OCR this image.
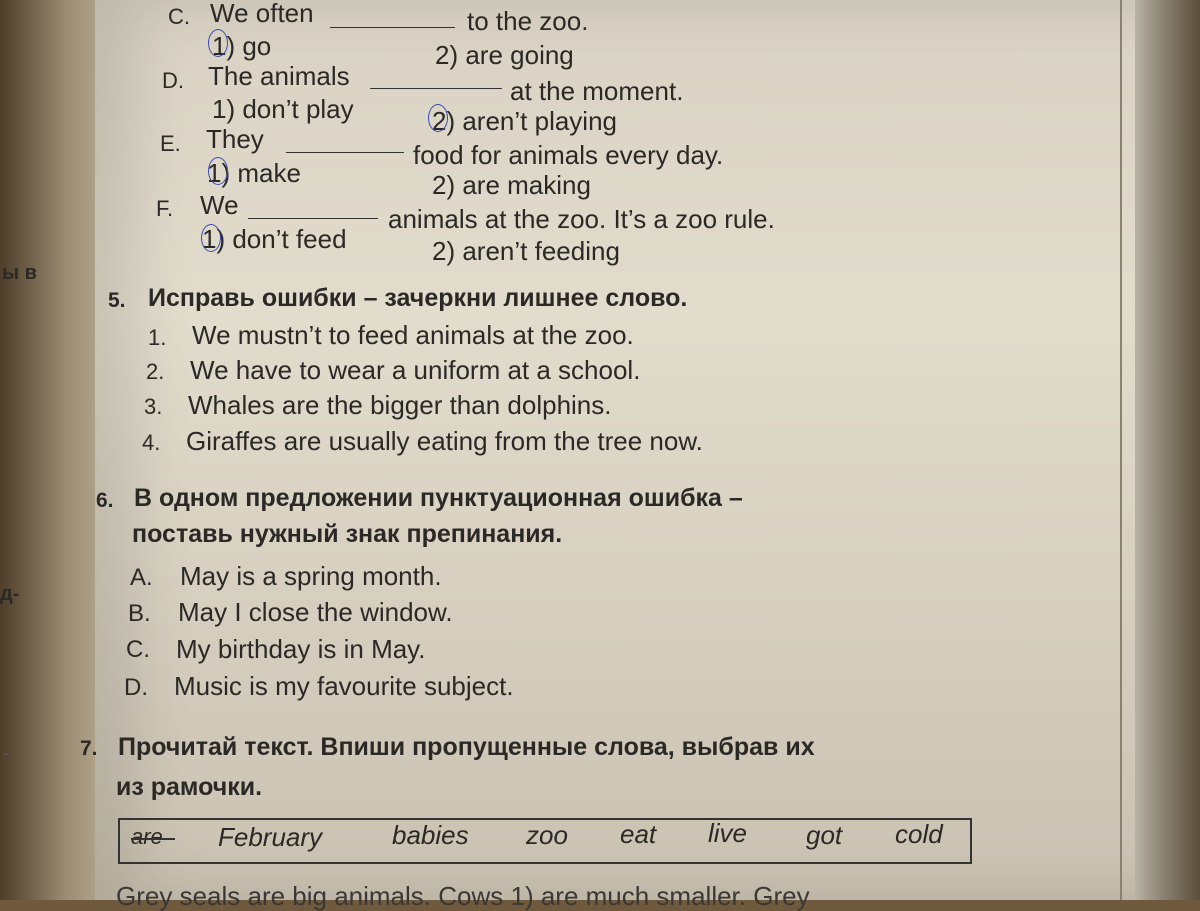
ы в
д-
C. We often	to the zoo.
1) go	2) are going
D. The animals	at the moment.
1) don’t play	2) aren’t playing
E. They
food for animals every day.
1) make	2) are making
F. We	animals at the zoo. It’s a zoo rule.
1) don’t feed	2) aren’t feeding
5. Исправь ошибки – зачеркни лишнее слово.
1. We mustn’t to feed animals at the zoo.
2. We have to wear a uniform at a school.
3. Whales are the bigger than dolphins.
4. Giraffes are usually eating from the tree now.
6. В одном предложении пунктуационная ошибка –
поставь нужный знак препинания.
A. May is a spring month.
B. May I close the window.
C. My birthday is in May.
D. Music is my favourite subject.
- .	7. Прочитай текст. Впиши пропущенные слова, выбрав их
из рамочки.
are February	babies zoo eat live got cold
Grey seals are big animals. Cows 1) are much smaller. Grey
